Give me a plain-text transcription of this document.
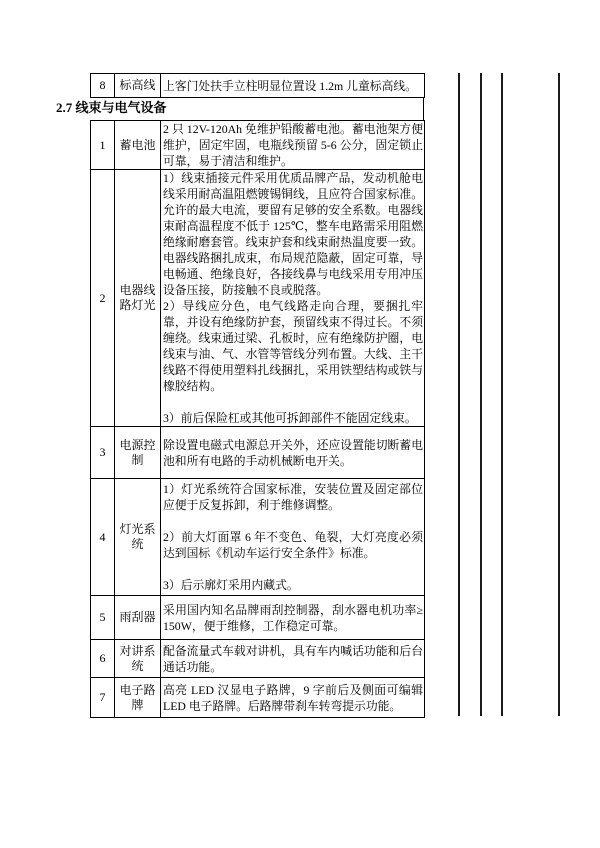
8	标高线	上客门处扶手立柱明显位置设 1.2m 儿童标高线。

2.7 线束与电气设备
1	蓄电池	2 只 12V-120Ah 免维护铅酸蓄电池。蓄电池架方便维护，固定牢固，电瓶线预留 5-6 公分，固定锁止可靠，易于清洁和维护。

2	电器线路灯光	1）线束插接元件采用优质品牌产品，发动机舱电线采用耐高温阻燃镀锡铜线，且应符合国家标准。允许的最大电流，要留有足够的安全系数。电器线束耐高温程度不低于 125℃，整车电路需采用阻燃绝缘耐磨套管。线束护套和线束耐热温度要一致。电器线路捆扎成束，布局规范隐蔽，固定可靠，导电畅通、绝缘良好，各接线鼻与电线采用专用冲压设备压接，防接触不良或脱落。

2）导线应分色，电气线路走向合理，要捆扎牢靠，并设有绝缘防护套，预留线束不得过长。不须缠绕。线束通过梁、孔板时，应有绝缘防护圈，电线束与油、气、水管等管线分列布置。大线、主干线路不得使用塑料扎线捆扎，采用铁塑结构或铁与橡胶结构。

3）前后保险杠或其他可拆卸部件不能固定线束。

3	电源控制	除设置电磁式电源总开关外，还应设置能切断蓄电池和所有电路的手动机械断电开关。

4	灯光系统	1）灯光系统符合国家标准，安装位置及固定部位应便于反复拆卸，利于维修调整。

2）前大灯面罩 6 年不变色、龟裂，大灯亮度必须达到国标《机动车运行安全条件》标准。

3）后示廓灯采用内藏式。

5	雨刮器	采用国内知名品牌雨刮控制器，刮水器电机功率≥150W，便于维修，工作稳定可靠。

6	对讲系统	配备流量式车载对讲机，具有车内喊话功能和后台通话功能。

7	电子路牌	高亮 LED 汉显电子路牌，9 字前后及侧面可编辑 LED 电子路牌。后路牌带刹车转弯提示功能。
